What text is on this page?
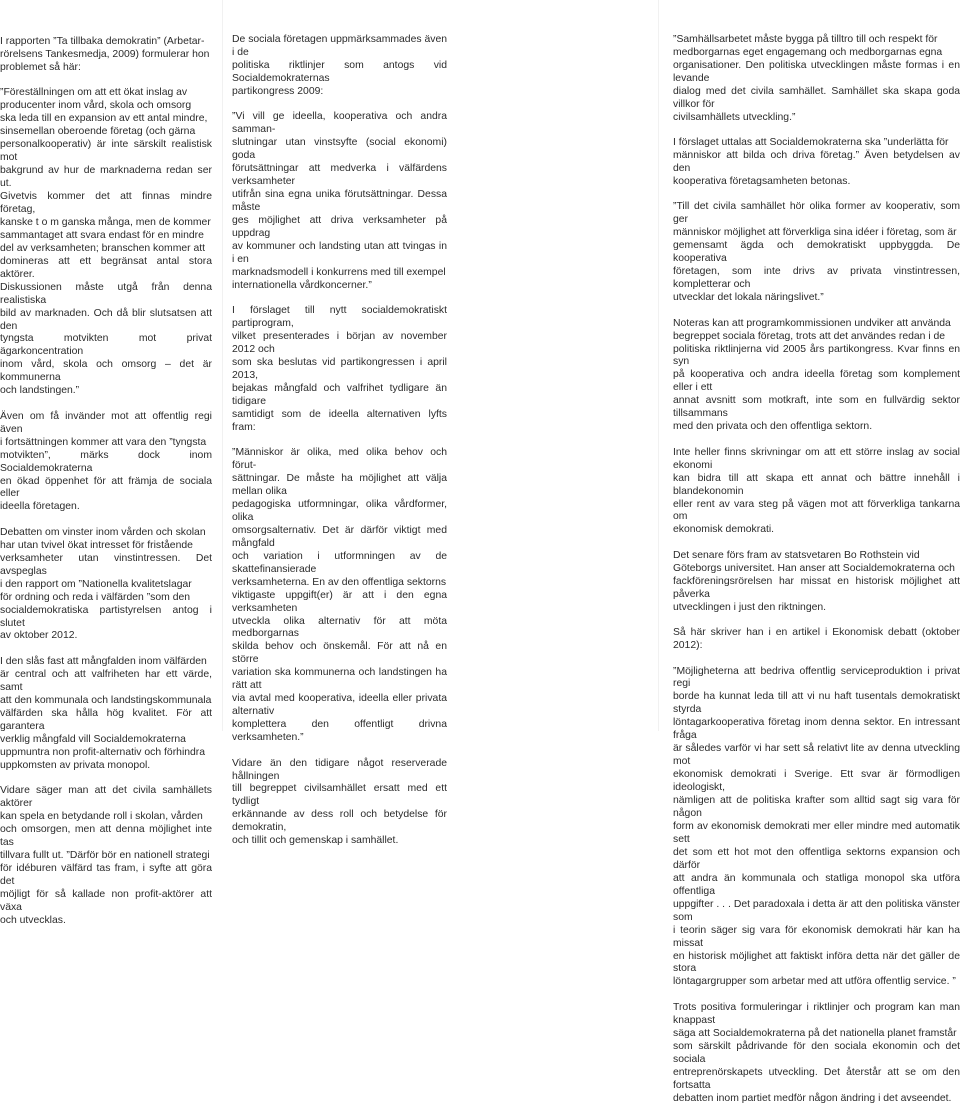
I rapporten ”Ta tillbaka demokratin” (Arbetar-
rörelsens Tankesmedja, 2009) formulerar hon
problemet så här:

”Föreställningen om att ett ökat inslag av
producenter inom vård, skola och omsorg
ska leda till en expansion av ett antal mindre,
sinsemellan oberoende företag (och gärna
personalkooperativ) är inte särskilt realistisk mot
bakgrund av hur de marknaderna redan ser ut.
Givetvis kommer det att finnas mindre företag,
kanske t o m ganska många, men de kommer
sammantaget att svara endast för en mindre
del av verksamheten; branschen kommer att
domineras att ett begränsat antal stora aktörer.
Diskussionen måste utgå från denna realistiska
bild av marknaden. Och då blir slutsatsen att den
tyngsta motvikten mot privat ägarkoncentration
inom vård, skola och omsorg – det är kommunerna
och landstingen.”

Även om få invänder mot att offentlig regi även
i fortsättningen kommer att vara den ”tyngsta
motvikten”, märks dock inom Socialdemokraterna
en ökad öppenhet för att främja de sociala eller
ideella företagen.

Debatten om vinster inom vården och skolan
har utan tvivel ökat intresset för fristående
verksamheter utan vinstintressen. Det avspeglas
i den rapport om ”Nationella kvalitetslagar
för ordning och reda i välfärden ”som den
socialdemokratiska partistyrelsen antog i slutet
av oktober 2012.

I den slås fast att mångfalden inom välfärden
är central och att valfriheten har ett värde, samt
att den kommunala och landstingskommunala
välfärden ska hålla hög kvalitet. För att garantera
verklig mångfald vill Socialdemokraterna
uppmuntra non profit-alternativ och förhindra
uppkomsten av privata monopol.

Vidare säger man att det civila samhällets aktörer
kan spela en betydande roll i skolan, vården
och omsorgen, men att denna möjlighet inte tas
tillvara fullt ut. ”Därför bör en nationell strategi
för idéburen välfärd tas fram, i syfte att göra det
möjligt för så kallade non profit-aktörer att växa
och utvecklas.

De sociala företagen uppmärksammades även i de
politiska riktlinjer som antogs vid Socialdemokraternas
partikongress 2009:

”Vi vill ge ideella, kooperativa och andra samman-
slutningar utan vinstsyfte (social ekonomi) goda
förutsättningar att medverka i välfärdens verksamheter
utifrån sina egna unika förutsättningar. Dessa måste
ges möjlighet att driva verksamheter på uppdrag
av kommuner och landsting utan att tvingas in i en
marknadsmodell i konkurrens med till exempel
internationella vårdkoncerner.”

I förslaget till nytt socialdemokratiskt partiprogram,
vilket presenterades i början av november 2012 och
som ska beslutas vid partikongressen i april 2013,
bejakas mångfald och valfrihet tydligare än tidigare
samtidigt som de ideella alternativen lyfts fram:

”Människor är olika, med olika behov och förut-
sättningar. De måste ha möjlighet att välja mellan olika
pedagogiska utformningar, olika vårdformer, olika
omsorgsalternativ. Det är därför viktigt med mångfald
och variation i utformningen av de skattefinansierade
verksamheterna. En av den offentliga sektorns
viktigaste uppgift(er) är att i den egna verksamheten
utveckla olika alternativ för att möta medborgarnas
skilda behov och önskemål. För att nå en större
variation ska kommunerna och landstingen ha rätt att
via avtal med kooperativa, ideella eller privata alternativ
komplettera den offentligt drivna verksamheten.”

Vidare än den tidigare något reserverade hållningen
till begreppet civilsamhället ersatt med ett tydligt
erkännande av dess roll och betydelse för demokratin,
och tillit och gemenskap i samhället.

”Samhällsarbetet måste bygga på tilltro till och respekt för
medborgarnas eget engagemang och medborgarnas egna
organisationer. Den politiska utvecklingen måste formas i en levande
dialog med det civila samhället. Samhället ska skapa goda villkor för
civilsamhällets utveckling.”

I förslaget uttalas att Socialdemokraterna ska ”underlätta för
människor att bilda och driva företag.” Även betydelsen av den
kooperativa företagsamheten betonas.

”Till det civila samhället hör olika former av kooperativ, som ger
människor möjlighet att förverkliga sina idéer i företag, som är
gemensamt ägda och demokratiskt uppbyggda. De kooperativa
företagen, som inte drivs av privata vinstintressen, kompletterar och
utvecklar det lokala näringslivet.”

Noteras kan att programkommissionen undviker att använda
begreppet sociala företag, trots att det användes redan i de
politiska riktlinjerna vid 2005 års partikongress. Kvar finns en syn
på kooperativa och andra ideella företag som komplement eller i ett
annat avsnitt som motkraft, inte som en fullvärdig sektor tillsammans
med den privata och den offentliga sektorn.

Inte heller finns skrivningar om att ett större inslag av social ekonomi
kan bidra till att skapa ett annat och bättre innehåll i blandekonomin
eller rent av vara steg på vägen mot att förverkliga tankarna om
ekonomisk demokrati.

Det senare förs fram av statsvetaren Bo Rothstein vid
Göteborgs universitet. Han anser att Socialdemokraterna och
fackföreningsrörelsen har missat en historisk möjlighet att påverka
utvecklingen i just den riktningen.

Så här skriver han i en artikel i Ekonomisk debatt (oktober 2012):

”Möjligheterna att bedriva offentlig serviceproduktion i privat regi
borde ha kunnat leda till att vi nu haft tusentals demokratiskt styrda
löntagarkooperativa företag inom denna sektor. En intressant fråga
är således varför vi har sett så relativt lite av denna utveckling mot
ekonomisk demokrati i Sverige. Ett svar är förmodligen ideologiskt,
nämligen att de politiska krafter som alltid sagt sig vara för någon
form av ekonomisk demokrati mer eller mindre med automatik sett
det som ett hot mot den offentliga sektorns expansion och därför
att andra än kommunala och statliga monopol ska utföra offentliga
uppgifter . . . Det paradoxala i detta är att den politiska vänster som
i teorin säger sig vara för ekonomisk demokrati här kan ha missat
en historisk möjlighet att faktiskt införa detta när det gäller de stora
löntagargrupper som arbetar med att utföra offentlig service. ”

Trots positiva formuleringar i riktlinjer och program kan man knappast
säga att Socialdemokraterna på det nationella planet framstår
som särskilt pådrivande för den sociala ekonomin och det sociala
entreprenörskapets utveckling. Det återstår att se om den fortsatta
debatten inom partiet medför någon ändring i det avseendet.
